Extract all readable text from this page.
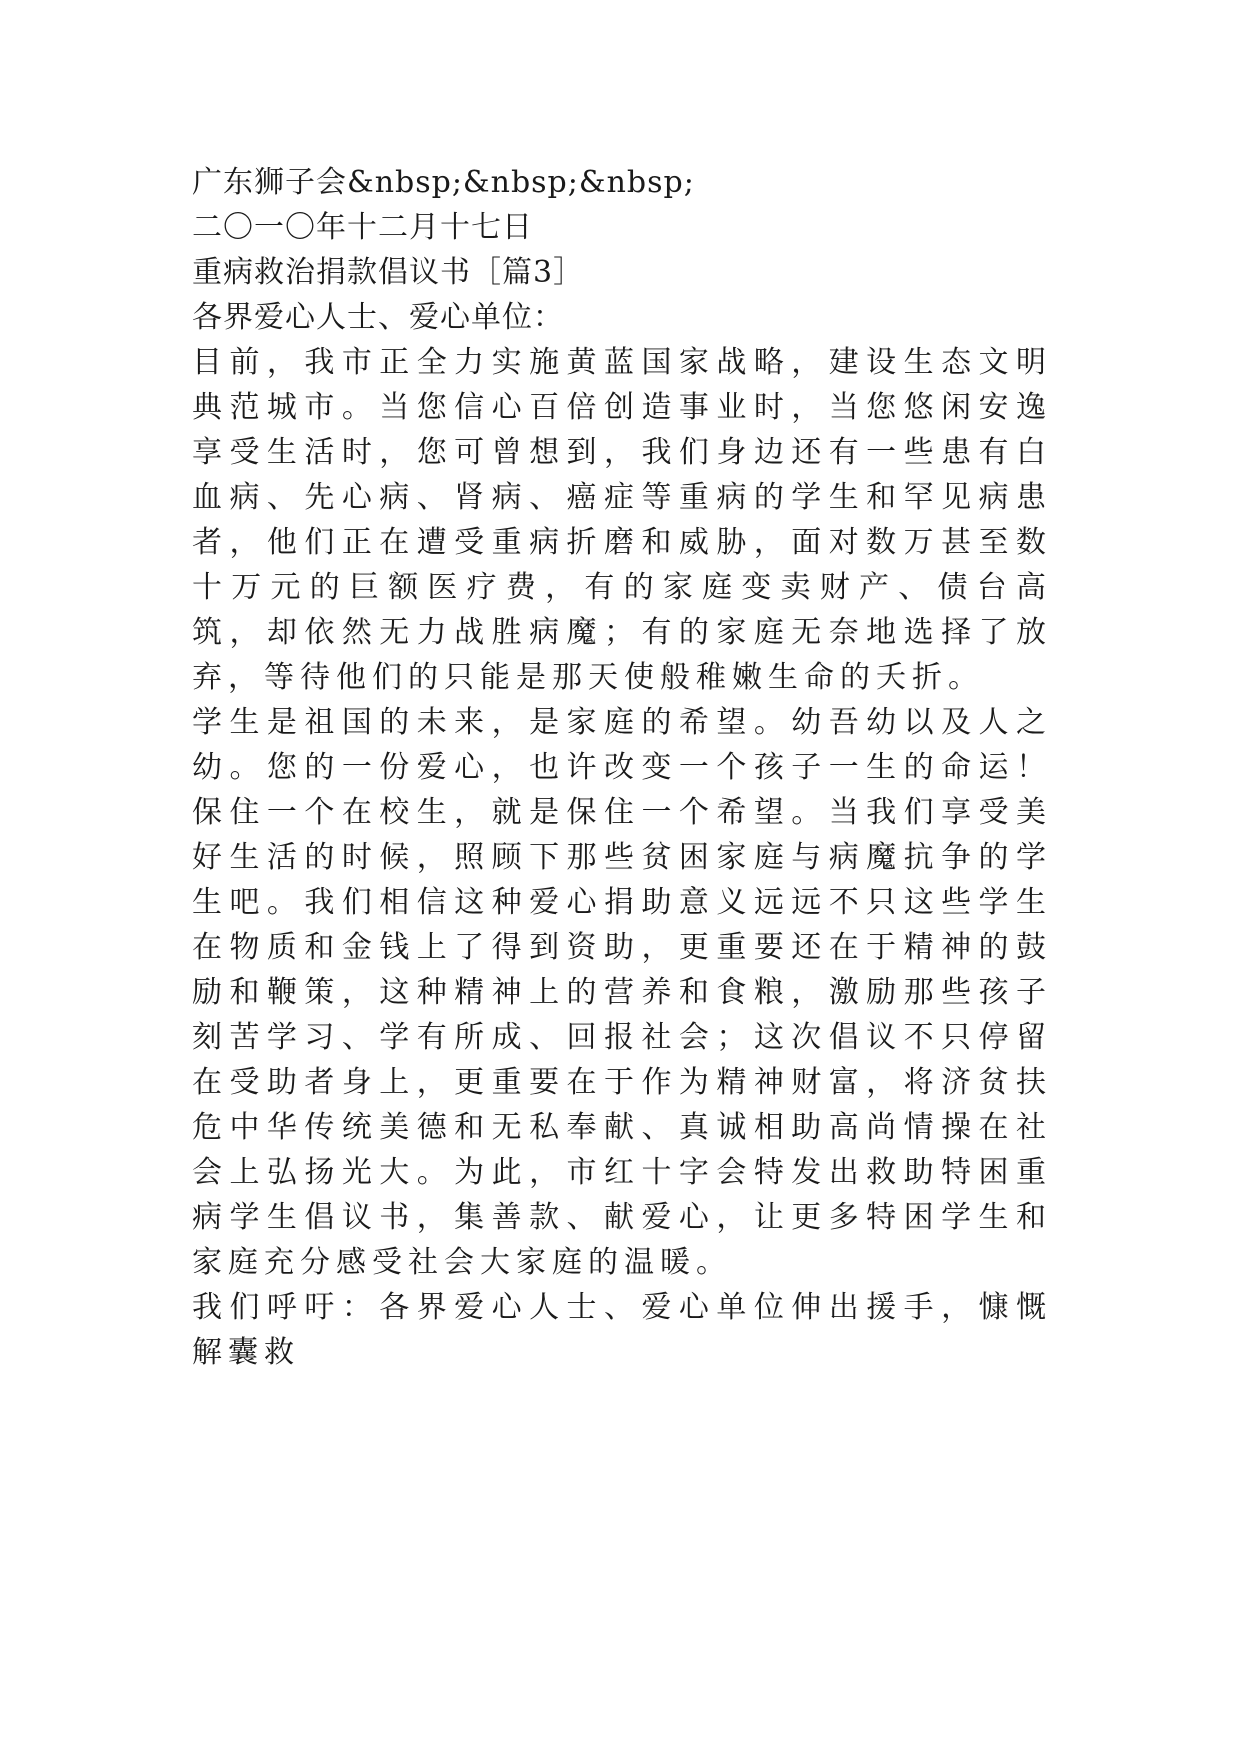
广东狮子会&nbsp;&nbsp;&nbsp;

二〇一〇年十二月十七日

重病救治捐款倡议书［篇3］

各界爱心人士、爱心单位：

目前，我市正全力实施黄蓝国家战略，建设生态文明典范城市。当您信心百倍创造事业时，当您悠闲安逸享受生活时，您可曾想到，我们身边还有一些患有白血病、先心病、肾病、癌症等重病的学生和罕见病患者，他们正在遭受重病折磨和威胁，面对数万甚至数十万元的巨额医疗费，有的家庭变卖财产、债台高筑，却依然无力战胜病魔；有的家庭无奈地选择了放弃，等待他们的只能是那天使般稚嫩生命的夭折。

学生是祖国的未来，是家庭的希望。幼吾幼以及人之幼。您的一份爱心，也许改变一个孩子一生的命运！保住一个在校生，就是保住一个希望。当我们享受美好生活的时候，照顾下那些贫困家庭与病魔抗争的学生吧。我们相信这种爱心捐助意义远远不只这些学生在物质和金钱上了得到资助，更重要还在于精神的鼓励和鞭策，这种精神上的营养和食粮，激励那些孩子刻苦学习、学有所成、回报社会；这次倡议不只停留在受助者身上，更重要在于作为精神财富，将济贫扶危中华传统美德和无私奉献、真诚相助高尚情操在社会上弘扬光大。为此，市红十字会特发出救助特困重病学生倡议书，集善款、献爱心，让更多特困学生和家庭充分感受社会大家庭的温暖。

我们呼吁：各界爱心人士、爱心单位伸出援手，慷慨解囊救
